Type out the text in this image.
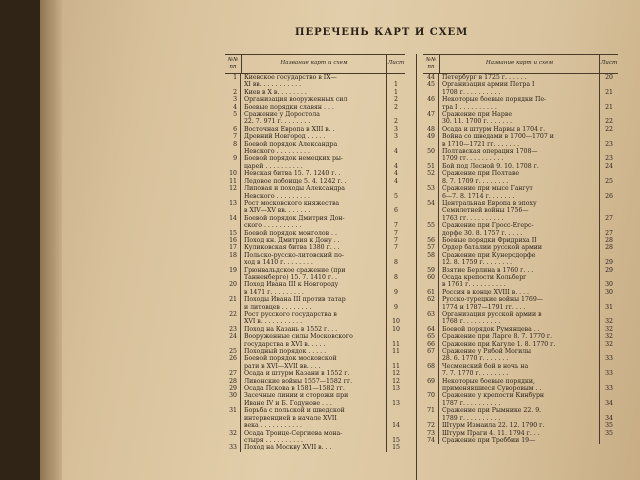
ПЕРЕЧЕНЬ КАРТ И СХЕМ
№№ пп
Название карт и схем	Лист
1	Киевское государство в IX—
XI вв. . . . . . . . . . .	1
2	Киев в X в. . . . . . . .	1
3	Организация вооруженных сил	2
4	Боевые порядки славян . . .	2
5	Сражение у Доростола
22. 7. 971 г. . . . . . . .	2
6	Восточная Европа в XIII в. .	3
7	Древний Новгород . . . . .	3
8	Боевой порядок Александра
Невского . . . . . . . . .	4
9	Боевой порядок немецких ры-
царей . . . . . . . . . .	4
10	Невская битва 15. 7. 1240 г. .	4
11	Ледовое побоище 5. 4. 1242 г. .	4
12	Липовая и походы Александра
Невского . . . . . . . . .	5
13	Рост московского княжества
в XIV—XV вв. . . . . . .	6
14	Боевой порядок Дмитрия Дон-
ского . . . . . . . . . .	7
15	Боевой порядок монголов . .	7
16	Поход кн. Дмитрия к Дону . .	7
17	Куликовская битва 1380 г. . .	7
18	Польско-русско-литовский по-
ход в 1410 г. . . . . . . .	8
19	Грюнвальдское сражение (при
Танненберге) 15. 7. 1410 г. .	8
20	Поход Ивана III к Новгороду
в 1471 г. . . . . . . . .	9
21	Походы Ивана III против татар
и литовцев . . . . . . . .	9
22	Рост русского государства в
XVI в. . . . . . . . . . .	10
23	Поход на Казань в 1552 г. . .	10
24	Вооруженные силы Московского
государства в XVI в. . . . .	11
25	Походный порядок . . . . .	11
26	Боевой порядок московской
рати в XVI—XVII вв. . . .	11
27	Осада и штурм Казани в 1552 г.	12
28	Ливонские войны 1557—1582 гг.	12
29	Осада Пскова в 1581—1582 гг.	13
30	Засечные линии и сторожи при
Иване IV и Б. Годунове . . .	13
31	Борьба с польской и шведской
интервенцией в начале XVII
века . . . . . . . . . . .	14
32	Осада Троице-Сергиева мона-
стыря . . . . . . . . . .	15
33	Поход на Москву XVII в. . .	15
№№ пп
Название карт и схем	Лист
44	Петербург в 1725 г. . . . . .	20
45	Организация армии Петра I
1708 г. . . . . . . . . .	21
46	Некоторые боевые порядки Пе-
тра I . . . . . . . . . .	21
47	Сражение при Нарве
30. 11. 1700 г. . . . . . .	22
48	Осада и штурм Нарвы в 1704 г.	22
49	Война со шведами в 1700—1707 и
в 1710—1721 гг. . . . . . .	23
50	Полтавская операция 1708—
1709 гг. . . . . . . . . .	23
51	Бой под Лесной 9. 10. 1708 г.	24
52	Сражение при Полтаве
8. 7. 1709 г. . . . . . . .	25
53	Сражение при мысе Гангут
6—7. 8. 1714 г. . . . . . .	26
54	Центральная Европа в эпоху
Семилетней войны 1756—
1763 гг. . . . . . . . . .	27
55	Сражение при Гросс-Егерс-
дорфе 30. 8. 1757 г. . . . .	27
56	Боевые порядки Фридриха II	28
57	Ордер баталии русской армии	28
58	Сражение при Кунерсдорфе
12. 8. 1759 г. . . . . . . .	29
59	Взятие Берлина в 1760 г. . .	29
60	Осада крепости Кольберг
в 1761 г. . . . . . . . . .	30
61	Россия в конце XVIII в. . . .	30
62	Русско-турецкие войны 1769—
1774 и 1787—1791 гг. . . .	31
63	Организация русской армии в
1768 г. . . . . . . . . .	32
64	Боевой порядок Румянцева . .	32
65	Сражение при Ларге 8. 7. 1770 г.	32
66	Сражение при Кагуле 1. 8. 1770 г.	32
67	Сражение у Рябой Могилы
28. 6. 1770 г. . . . . . .	33
68	Чесменский бой в ночь на
7. 7. 1770 г. . . . . . . .	33
69	Некоторые боевые порядки,
применявшиеся Суворовым . .	33
70	Сражение у крепости Кинбурн
1787 г. . . . . . . . . .	34
71	Сражение при Рымнике 22. 9.
1789 г. . . . . . . . . .	34
72	Штурм Измаила 22. 12. 1790 г.	35
73	Штурм Праги 4. 11. 1794 г. . .	35
74	Сражение при Треббии 19—
